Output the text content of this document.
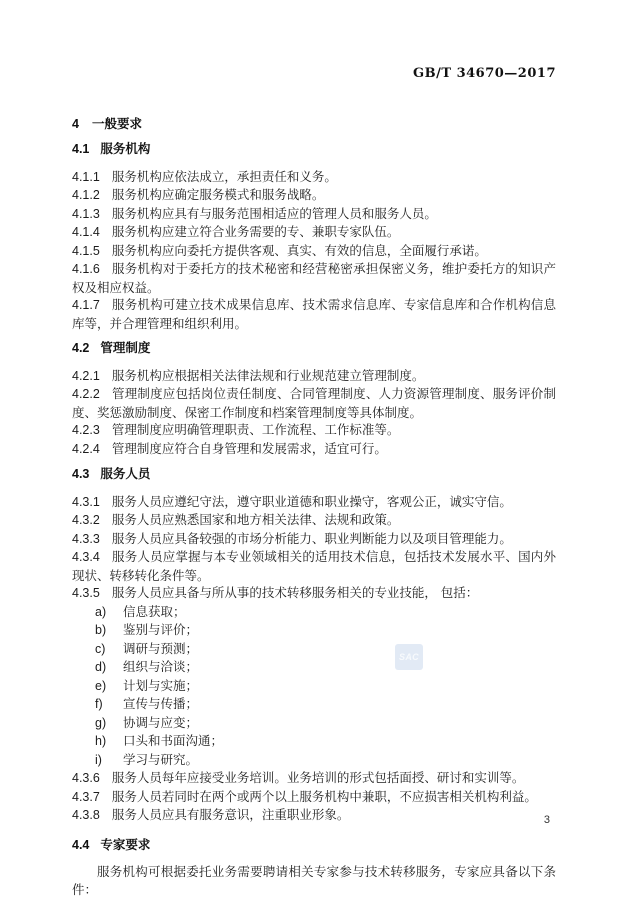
GB/T 34670—2017
4 一般要求
4.1 服务机构

4.1.1 服务机构应依法成立，承担责任和义务。

4.1.2 服务机构应确定服务模式和服务战略。

4.1.3 服务机构应具有与服务范围相适应的管理人员和服务人员。

4.1.4 服务机构应建立符合业务需要的专、兼职专家队伍。

4.1.5 服务机构应向委托方提供客观、真实、有效的信息，全面履行承诺。

4.1.6 服务机构对于委托方的技术秘密和经营秘密承担保密义务，维护委托方的知识产权及相应权益。

4.1.7 服务机构可建立技术成果信息库、技术需求信息库、专家信息库和合作机构信息库等，并合理管理和组织利用。

4.2 管理制度

4.2.1 服务机构应根据相关法律法规和行业规范建立管理制度。

4.2.2 管理制度应包括岗位责任制度、合同管理制度、人力资源管理制度、服务评价制度、奖惩激励制度、保密工作制度和档案管理制度等具体制度。

4.2.3 管理制度应明确管理职责、工作流程、工作标准等。

4.2.4 管理制度应符合自身管理和发展需求，适宜可行。

4.3 服务人员

4.3.1 服务人员应遵纪守法，遵守职业道德和职业操守，客观公正，诚实守信。

4.3.2 服务人员应熟悉国家和地方相关法律、法规和政策。

4.3.3 服务人员应具备较强的市场分析能力、职业判断能力以及项目管理能力。

4.3.4 服务人员应掌握与本专业领域相关的适用技术信息，包括技术发展水平、国内外现状、转移转化条件等。

4.3.5 服务人员应具备与所从事的技术转移服务相关的专业技能， 包括：

a) 信息获取；

b) 鉴别与评价；

c) 调研与预测；

d) 组织与洽谈；

e) 计划与实施；

f) 宣传与传播；

g) 协调与应变；

h) 口头和书面沟通；

i) 学习与研究。

4.3.6 服务人员每年应接受业务培训。业务培训的形式包括面授、研讨和实训等。

4.3.7 服务人员若同时在两个或两个以上服务机构中兼职，不应损害相关机构利益。

4.3.8 服务人员应具有服务意识，注重职业形象。

4.4 专家要求

服务机构可根据委托业务需要聘请相关专家参与技术转移服务，专家应具备以下条件：

SAC
3
